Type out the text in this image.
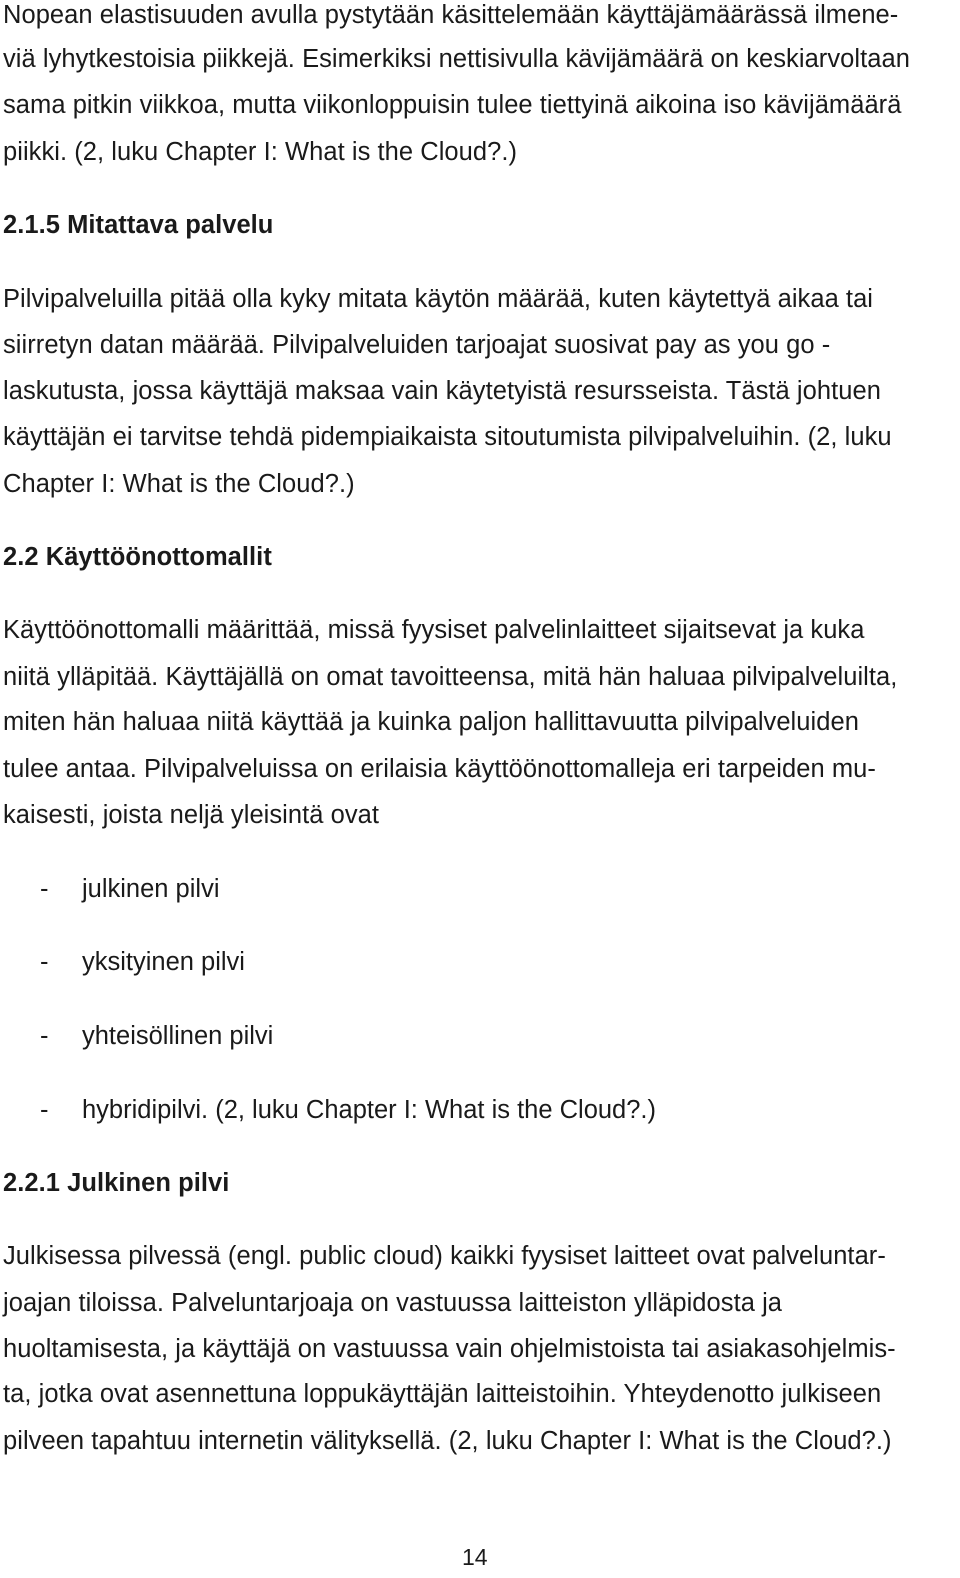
Nopean elastisuuden avulla pystytään käsittelemään käyttäjämäärässä ilmene-
viä lyhytkestoisia piikkejä. Esimerkiksi nettisivulla kävijämäärä on keskiarvoltaan
sama pitkin viikkoa, mutta viikonloppuisin tulee tiettyinä aikoina iso kävijämäärä
piikki. (2, luku Chapter I: What is the Cloud?.)
2.1.5 Mitattava palvelu
Pilvipalveluilla pitää olla kyky mitata käytön määrää, kuten käytettyä aikaa tai
siirretyn datan määrää. Pilvipalveluiden tarjoajat suosivat pay as you go -
laskutusta, jossa käyttäjä maksaa vain käytetyistä resursseista. Tästä johtuen
käyttäjän ei tarvitse tehdä pidempiaikaista sitoutumista pilvipalveluihin. (2, luku
Chapter I: What is the Cloud?.)
2.2 Käyttöönottomallit
Käyttöönottomalli määrittää, missä fyysiset palvelinlaitteet sijaitsevat ja kuka
niitä ylläpitää. Käyttäjällä on omat tavoitteensa, mitä hän haluaa pilvipalveluilta,
miten hän haluaa niitä käyttää ja kuinka paljon hallittavuutta pilvipalveluiden
tulee antaa. Pilvipalveluissa on erilaisia käyttöönottomalleja eri tarpeiden mu-
kaisesti, joista neljä yleisintä ovat
- julkinen pilvi
- yksityinen pilvi
- yhteisöllinen pilvi
- hybridipilvi. (2, luku Chapter I: What is the Cloud?.)
2.2.1 Julkinen pilvi
Julkisessa pilvessä (engl. public cloud) kaikki fyysiset laitteet ovat palveluntar-
joajan tiloissa. Palveluntarjoaja on vastuussa laitteiston ylläpidosta ja
huoltamisesta, ja käyttäjä on vastuussa vain ohjelmistoista tai asiakasohjelmis-
ta, jotka ovat asennettuna loppukäyttäjän laitteistoihin. Yhteydenotto julkiseen
pilveen tapahtuu internetin välityksellä. (2, luku Chapter I: What is the Cloud?.)
14
